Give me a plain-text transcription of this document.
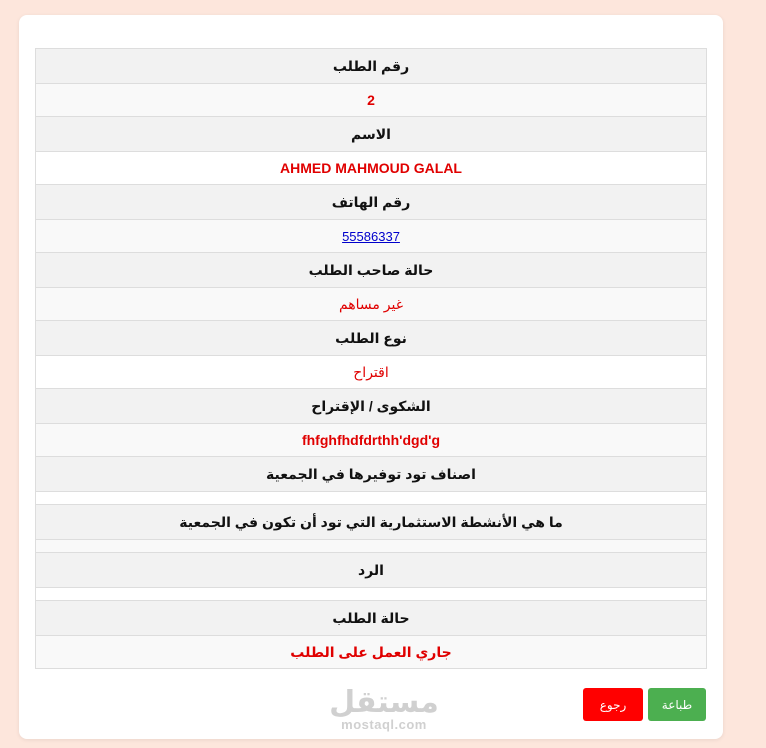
رقم الطلب
2
الاسم
AHMED MAHMOUD GALAL
رقم الهاتف
55586337
حالة صاحب الطلب
غير مساهم
نوع الطلب
اقتراح
الشكوى / الإقتراح
fhfghfhdfdrthh'dgd'g
اصناف تود توفيرها في الجمعية

ما هي الأنشطة الاستثمارية التي تود أن تكون في الجمعية

الرد

حالة الطلب
جاري العمل على الطلب
طباعة
رجوع
مستقل
mostaql.com
